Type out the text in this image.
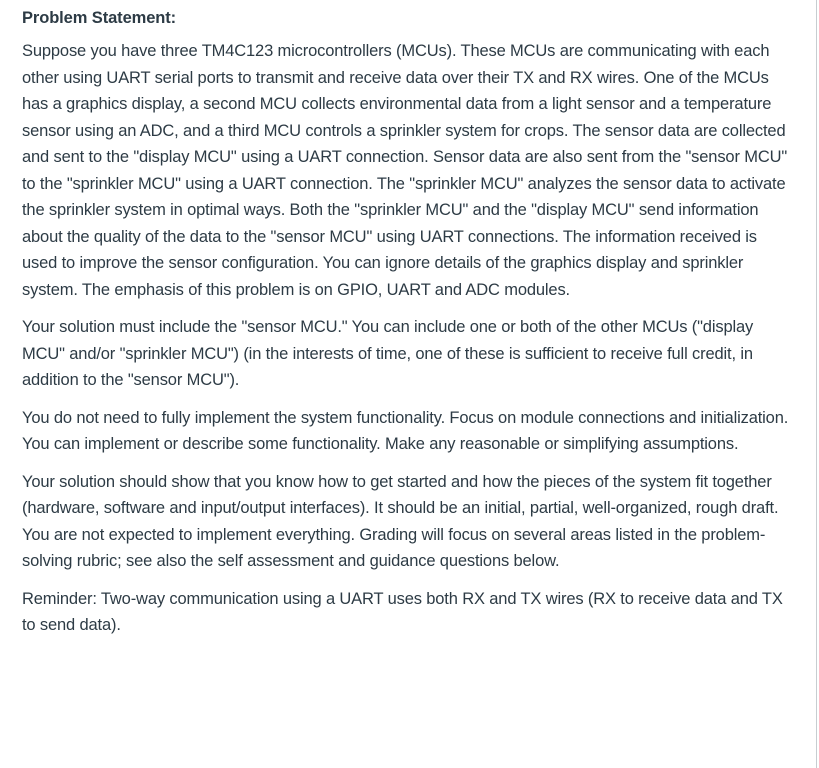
Problem Statement:

Suppose you have three TM4C123 microcontrollers (MCUs). These MCUs are communicating with each other using UART serial ports to transmit and receive data over their TX and RX wires. One of the MCUs has a graphics display, a second MCU collects environmental data from a light sensor and a temperature sensor using an ADC, and a third MCU controls a sprinkler system for crops. The sensor data are collected and sent to the "display MCU" using a UART connection. Sensor data are also sent from the "sensor MCU" to the "sprinkler MCU" using a UART connection. The "sprinkler MCU" analyzes the sensor data to activate the sprinkler system in optimal ways. Both the "sprinkler MCU" and the "display MCU" send information about the quality of the data to the "sensor MCU" using UART connections. The information received is used to improve the sensor configuration. You can ignore details of the graphics display and sprinkler system. The emphasis of this problem is on GPIO, UART and ADC modules.

Your solution must include the "sensor MCU." You can include one or both of the other MCUs ("display MCU" and/or "sprinkler MCU") (in the interests of time, one of these is sufficient to receive full credit, in addition to the "sensor MCU").

You do not need to fully implement the system functionality. Focus on module connections and initialization. You can implement or describe some functionality. Make any reasonable or simplifying assumptions.

Your solution should show that you know how to get started and how the pieces of the system fit together (hardware, software and input/output interfaces). It should be an initial, partial, well-organized, rough draft. You are not expected to implement everything. Grading will focus on several areas listed in the problem-solving rubric; see also the self assessment and guidance questions below.

Reminder: Two-way communication using a UART uses both RX and TX wires (RX to receive data and TX to send data).
